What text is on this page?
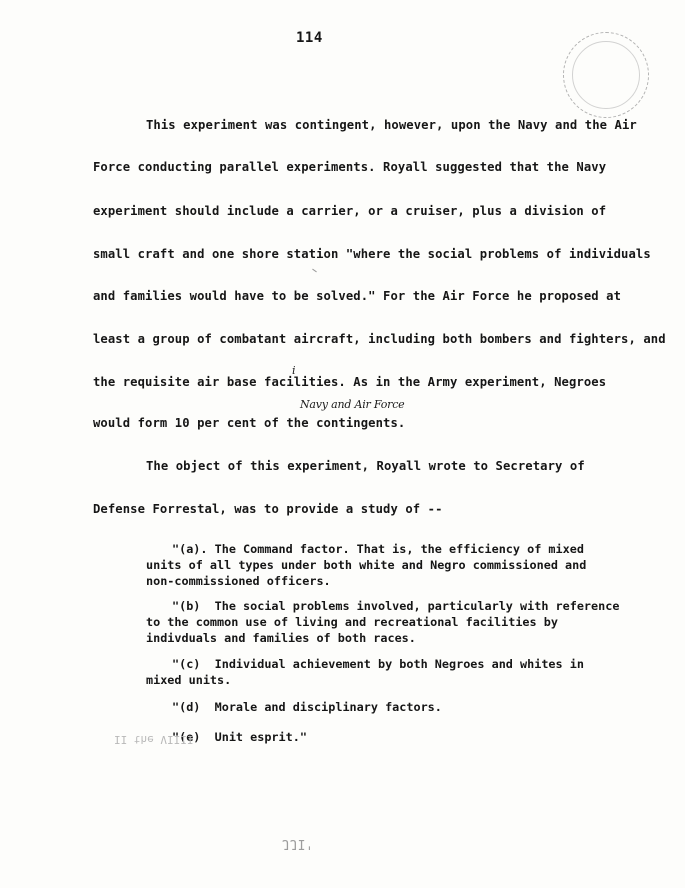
114
This experiment was contingent, however, upon the Navy and the Air
Force conducting parallel experiments. Royall suggested that the Navy
experiment should include a carrier, or a cruiser, plus a division of
small craft and one shore station "where the social problems of individuals
and families would have to be solved." For the Air Force he proposed at
least a group of combatant aircraft, including both bombers and fighters, and
the requisite air base facilities. As in the Army experiment, Negroes
would form 10 per cent of the contingents.
i
Navy and Air Force
The object of this experiment, Royall wrote to Secretary of
Defense Forrestal, was to provide a study of --
"(a). The Command factor. That is, the efficiency of mixed
units of all types under both white and Negro commissioned and
non-commissioned officers.
"(b)  The social problems involved, particularly with reference
to the common use of living and recreational facilities by
indivduals and families of both races.
"(c)  Individual achievement by both Negroes and whites in
mixed units.
"(d)  Morale and disciplinary factors.
"(e)  Unit esprit."
II the VIIII
JJI'
